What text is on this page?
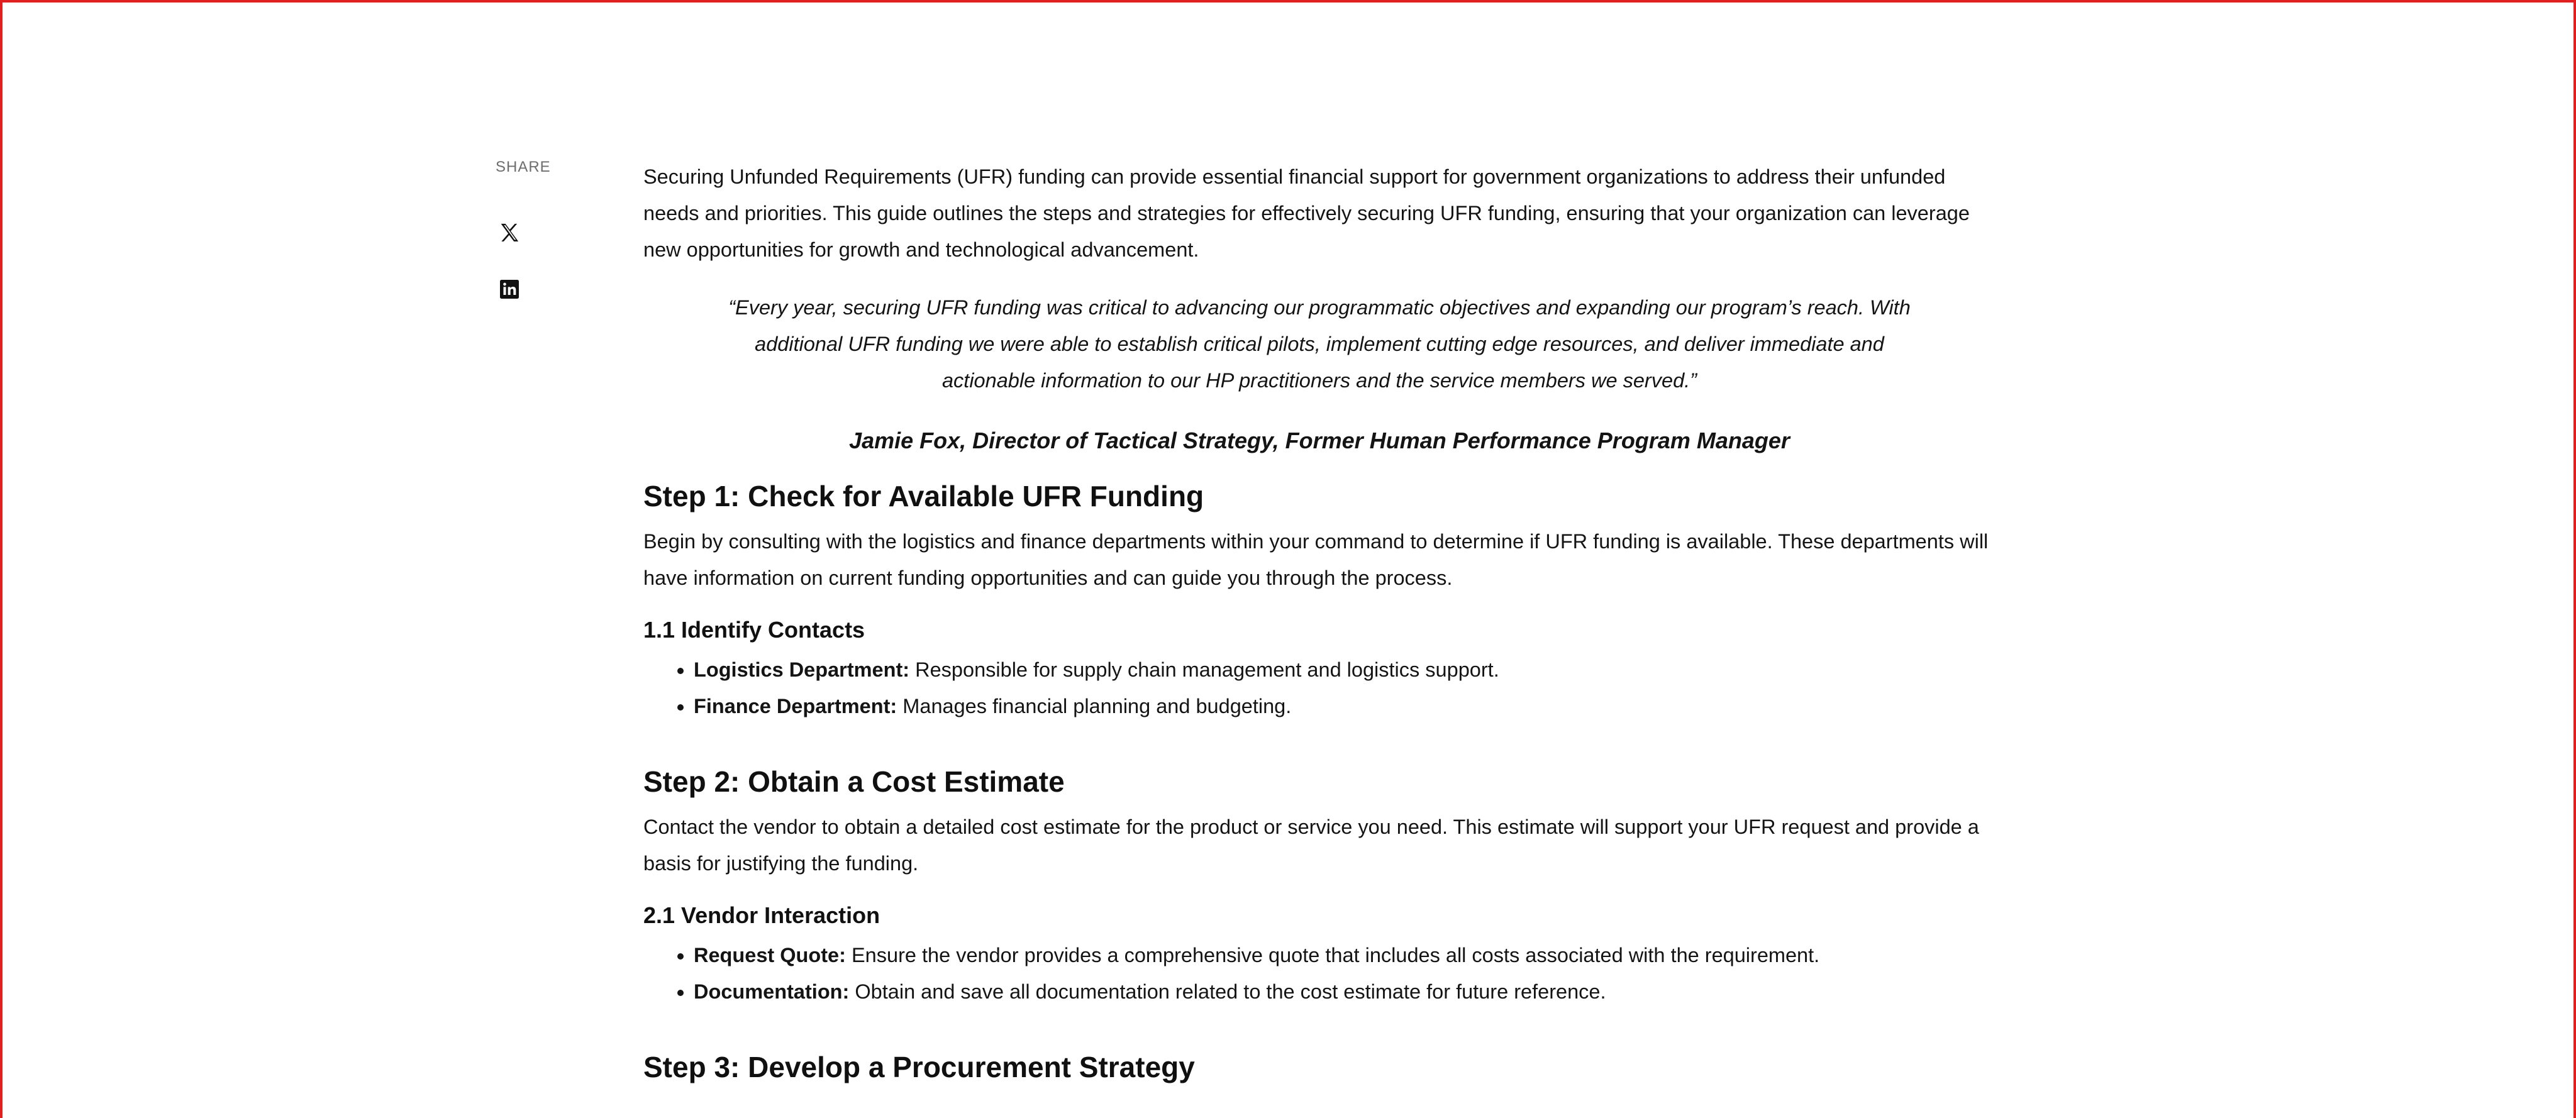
SHARE	Securing Unfunded Requirements (UFR) funding can provide essential financial support for government organizations to address their unfunded needs and priorities. This guide outlines the steps and strategies for effectively securing UFR funding, ensuring that your organization can leverage new opportunities for growth and technological advancement.

“Every year, securing UFR funding was critical to advancing our programmatic objectives and expanding our program’s reach. With additional UFR funding we were able to establish critical pilots, implement cutting edge resources, and deliver immediate and actionable information to our HP practitioners and the service members we served.”

Jamie Fox, Director of Tactical Strategy, Former Human Performance Program Manager

Step 1: Check for Available UFR Funding

Begin by consulting with the logistics and finance departments within your command to determine if UFR funding is available. These departments will have information on current funding opportunities and can guide you through the process.

1.1 Identify Contacts
• Logistics Department: Responsible for supply chain management and logistics support.
• Finance Department: Manages financial planning and budgeting.
Step 2: Obtain a Cost Estimate

Contact the vendor to obtain a detailed cost estimate for the product or service you need. This estimate will support your UFR request and provide a basis for justifying the funding.

2.1 Vendor Interaction
• Request Quote: Ensure the vendor provides a comprehensive quote that includes all costs associated with the requirement.
• Documentation: Obtain and save all documentation related to the cost estimate for future reference.
Step 3: Develop a Procurement Strategy
